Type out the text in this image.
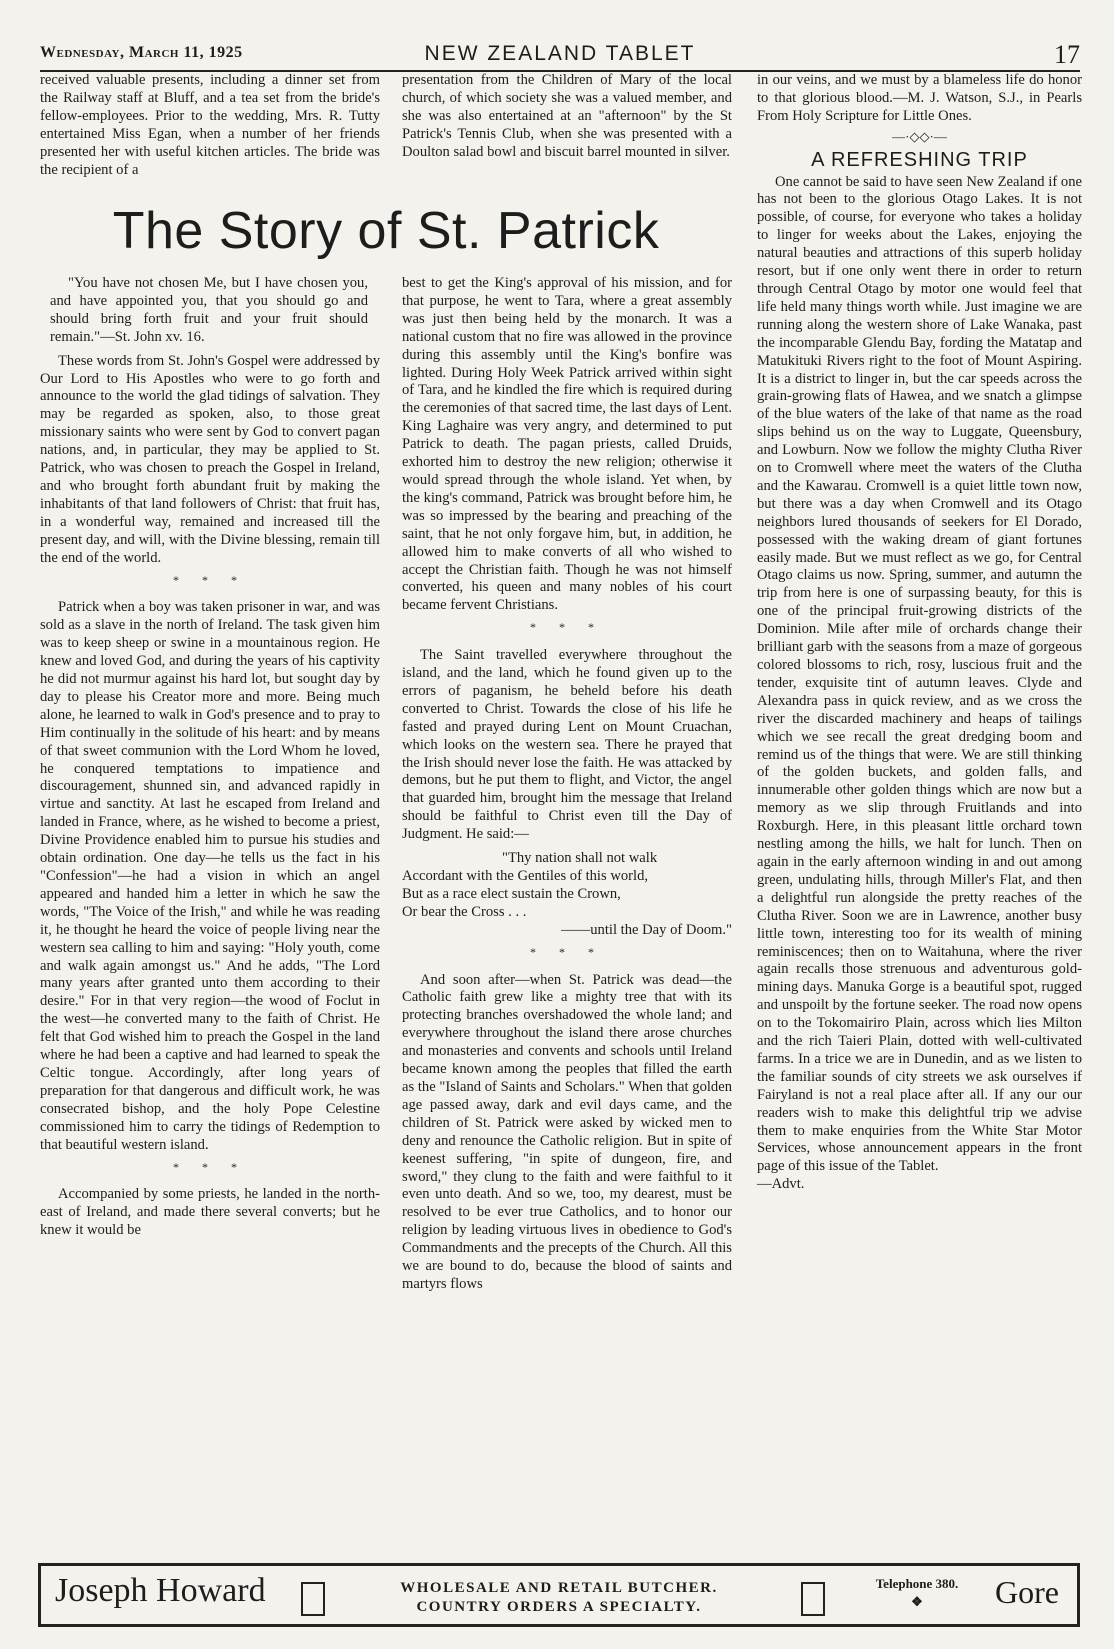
Wednesday, March 11, 1925	NEW ZEALAND TABLET	17

received valuable presents, including a dinner set from the Railway staff at Bluff, and a tea set from the bride's fellow-employees. Prior to the wedding, Mrs. R. Tutty entertained Miss Egan, when a number of her friends presented her with useful kitchen articles. The bride was the recipient of a

presentation from the Children of Mary of the local church, of which society she was a valued member, and she was also entertained at an "afternoon" by the St Patrick's Tennis Club, when she was presented with a Doulton salad bowl and biscuit barrel mounted in silver.

The Story of St. Patrick

"You have not chosen Me, but I have chosen you, and have appointed you, that you should go and should bring forth fruit and your fruit should remain."—St. John xv. 16.

These words from St. John's Gospel were addressed by Our Lord to His Apostles who were to go forth and announce to the world the glad tidings of salvation. They may be regarded as spoken, also, to those great missionary saints who were sent by God to convert pagan nations, and, in particular, they may be applied to St. Patrick, who was chosen to preach the Gospel in Ireland, and who brought forth abundant fruit by making the inhabitants of that land followers of Christ: that fruit has, in a wonderful way, remained and increased till the present day, and will, with the Divine blessing, remain till the end of the world.

* * *

Patrick when a boy was taken prisoner in war, and was sold as a slave in the north of Ireland. The task given him was to keep sheep or swine in a mountainous region. He knew and loved God, and during the years of his captivity he did not murmur against his hard lot, but sought day by day to please his Creator more and more. Being much alone, he learned to walk in God's presence and to pray to Him continually in the solitude of his heart: and by means of that sweet communion with the Lord Whom he loved, he conquered temptations to impatience and discouragement, shunned sin, and advanced rapidly in virtue and sanctity. At last he escaped from Ireland and landed in France, where, as he wished to become a priest, Divine Providence enabled him to pursue his studies and obtain ordination. One day—he tells us the fact in his "Confession"—he had a vision in which an angel appeared and handed him a letter in which he saw the words, "The Voice of the Irish," and while he was reading it, he thought he heard the voice of people living near the western sea calling to him and saying: "Holy youth, come and walk again amongst us." And he adds, "The Lord many years after granted unto them according to their desire." For in that very region—the wood of Foclut in the west—he converted many to the faith of Christ. He felt that God wished him to preach the Gospel in the land where he had been a captive and had learned to speak the Celtic tongue. Accordingly, after long years of preparation for that dangerous and difficult work, he was consecrated bishop, and the holy Pope Celestine commissioned him to carry the tidings of Redemption to that beautiful western island.

* * *

Accompanied by some priests, he landed in the north-east of Ireland, and made there several converts; but he knew it would be

best to get the King's approval of his mission, and for that purpose, he went to Tara, where a great assembly was just then being held by the monarch. It was a national custom that no fire was allowed in the province during this assembly until the King's bonfire was lighted. During Holy Week Patrick arrived within sight of Tara, and he kindled the fire which is required during the ceremonies of that sacred time, the last days of Lent. King Laghaire was very angry, and determined to put Patrick to death. The pagan priests, called Druids, exhorted him to destroy the new religion; otherwise it would spread through the whole island. Yet when, by the king's command, Patrick was brought before him, he was so impressed by the bearing and preaching of the saint, that he not only forgave him, but, in addition, he allowed him to make converts of all who wished to accept the Christian faith. Though he was not himself converted, his queen and many nobles of his court became fervent Christians.

* * *

The Saint travelled everywhere throughout the island, and the land, which he found given up to the errors of paganism, he beheld before his death converted to Christ. Towards the close of his life he fasted and prayed during Lent on Mount Cruachan, which looks on the western sea. There he prayed that the Irish should never lose the faith. He was attacked by demons, but he put them to flight, and Victor, the angel that guarded him, brought him the message that Ireland should be faithful to Christ even till the Day of Judgment. He said:—

"Thy nation shall not walk
Accordant with the Gentiles of this world,
But as a race elect sustain the Crown,
Or bear the Cross . . .
——until the Day of Doom."
* * *

And soon after—when St. Patrick was dead—the Catholic faith grew like a mighty tree that with its protecting branches overshadowed the whole land; and everywhere throughout the island there arose churches and monasteries and convents and schools until Ireland became known among the peoples that filled the earth as the "Island of Saints and Scholars." When that golden age passed away, dark and evil days came, and the children of St. Patrick were asked by wicked men to deny and renounce the Catholic religion. But in spite of keenest suffering, "in spite of dungeon, fire, and sword," they clung to the faith and were faithful to it even unto death. And so we, too, my dearest, must be resolved to be ever true Catholics, and to honor our religion by leading virtuous lives in obedience to God's Commandments and the precepts of the Church. All this we are bound to do, because the blood of saints and martyrs flows

in our veins, and we must by a blameless life do honor to that glorious blood.—M. J. Watson, S.J., in Pearls From Holy Scripture for Little Ones.

—·◇◇·—
A REFRESHING TRIP

One cannot be said to have seen New Zealand if one has not been to the glorious Otago Lakes. It is not possible, of course, for everyone who takes a holiday to linger for weeks about the Lakes, enjoying the natural beauties and attractions of this superb holiday resort, but if one only went there in order to return through Central Otago by motor one would feel that life held many things worth while. Just imagine we are running along the western shore of Lake Wanaka, past the incomparable Glendu Bay, fording the Matatap and Matukituki Rivers right to the foot of Mount Aspiring. It is a district to linger in, but the car speeds across the grain-growing flats of Hawea, and we snatch a glimpse of the blue waters of the lake of that name as the road slips behind us on the way to Luggate, Queensbury, and Lowburn. Now we follow the mighty Clutha River on to Cromwell where meet the waters of the Clutha and the Kawarau. Cromwell is a quiet little town now, but there was a day when Cromwell and its Otago neighbors lured thousands of seekers for El Dorado, possessed with the waking dream of giant fortunes easily made. But we must reflect as we go, for Central Otago claims us now. Spring, summer, and autumn the trip from here is one of surpassing beauty, for this is one of the principal fruit-growing districts of the Dominion. Mile after mile of orchards change their brilliant garb with the seasons from a maze of gorgeous colored blossoms to rich, rosy, luscious fruit and the tender, exquisite tint of autumn leaves. Clyde and Alexandra pass in quick review, and as we cross the river the discarded machinery and heaps of tailings which we see recall the great dredging boom and remind us of the things that were. We are still thinking of the golden buckets, and golden falls, and innumerable other golden things which are now but a memory as we slip through Fruitlands and into Roxburgh. Here, in this pleasant little orchard town nestling among the hills, we halt for lunch. Then on again in the early afternoon winding in and out among green, undulating hills, through Miller's Flat, and then a delightful run alongside the pretty reaches of the Clutha River. Soon we are in Lawrence, another busy little town, interesting too for its wealth of mining reminiscences; then on to Waitahuna, where the river again recalls those strenuous and adventurous gold-mining days. Manuka Gorge is a beautiful spot, rugged and unspoilt by the fortune seeker. The road now opens on to the Tokomairiro Plain, across which lies Milton and the rich Taieri Plain, dotted with well-cultivated farms. In a trice we are in Dunedin, and as we listen to the familiar sounds of city streets we ask ourselves if Fairyland is not a real place after all. If any our our readers wish to make this delightful trip we advise them to make enquiries from the White Star Motor Services, whose announcement appears in the front page of this issue of the Tablet.

—Advt.

Joseph Howard	WHOLESALE AND RETAIL BUTCHER.
COUNTRY ORDERS A SPECIALTY.
Telephone 380.
❖	Gore
